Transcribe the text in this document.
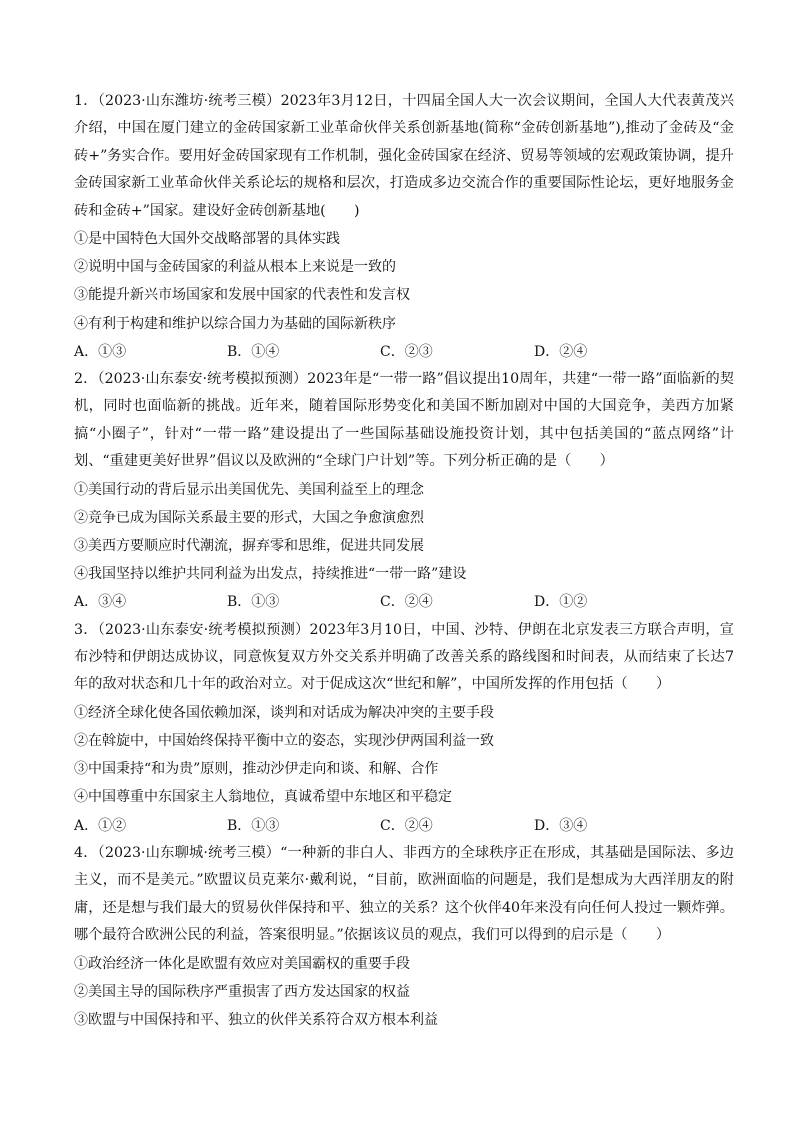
1．（2023·山东潍坊·统考三模）2023年3月12日，十四届全国人大一次会议期间，全国人大代表黄茂兴介绍，中国在厦门建立的金砖国家新工业革命伙伴关系创新基地(简称“金砖创新基地”),推动了金砖及“金砖+”务实合作。要用好金砖国家现有工作机制，强化金砖国家在经济、贸易等领域的宏观政策协调，提升金砖国家新工业革命伙伴关系论坛的规格和层次，打造成多边交流合作的重要国际性论坛，更好地服务金砖和金砖+”国家。建设好金砖创新基地(　　)

①是中国特色大国外交战略部署的具体实践

②说明中国与金砖国家的利益从根本上来说是一致的

③能提升新兴市场国家和发展中国家的代表性和发言权

④有利于构建和维护以综合国力为基础的国际新秩序

A．①③	B．①④	C．②③	D．②④

2．（2023·山东泰安·统考模拟预测）2023年是“一带一路”倡议提出10周年，共建“一带一路”面临新的契机，同时也面临新的挑战。近年来，随着国际形势变化和美国不断加剧对中国的大国竞争，美西方加紧搞“小圈子”，针对“一带一路”建设提出了一些国际基础设施投资计划，其中包括美国的“蓝点网络”计划、“重建更美好世界”倡议以及欧洲的“全球门户计划”等。下列分析正确的是（　　）

①美国行动的背后显示出美国优先、美国利益至上的理念

②竞争已成为国际关系最主要的形式，大国之争愈演愈烈

③美西方要顺应时代潮流，摒弃零和思维，促进共同发展

④我国坚持以维护共同利益为出发点，持续推进“一带一路”建设

A．③④	B．①③	C．②④	D．①②

3．（2023·山东泰安·统考模拟预测）2023年3月10日，中国、沙特、伊朗在北京发表三方联合声明，宣布沙特和伊朗达成协议，同意恢复双方外交关系并明确了改善关系的路线图和时间表，从而结束了长达7年的敌对状态和几十年的政治对立。对于促成这次“世纪和解”，中国所发挥的作用包括（　　）

①经济全球化使各国依赖加深，谈判和对话成为解决冲突的主要手段

②在斡旋中，中国始终保持平衡中立的姿态，实现沙伊两国利益一致

③中国秉持“和为贵”原则，推动沙伊走向和谈、和解、合作

④中国尊重中东国家主人翁地位，真诚希望中东地区和平稳定

A．①②	B．①③	C．②④	D．③④

4．（2023·山东聊城·统考三模）“一种新的非白人、非西方的全球秩序正在形成，其基础是国际法、多边主义，而不是美元。”欧盟议员克莱尔·戴利说，“目前，欧洲面临的问题是，我们是想成为大西洋朋友的附庸，还是想与我们最大的贸易伙伴保持和平、独立的关系？这个伙伴40年来没有向任何人投过一颗炸弹。哪个最符合欧洲公民的利益，答案很明显。”依据该议员的观点，我们可以得到的启示是（　　）

①政治经济一体化是欧盟有效应对美国霸权的重要手段

②美国主导的国际秩序严重损害了西方发达国家的权益

③欧盟与中国保持和平、独立的伙伴关系符合双方根本利益
